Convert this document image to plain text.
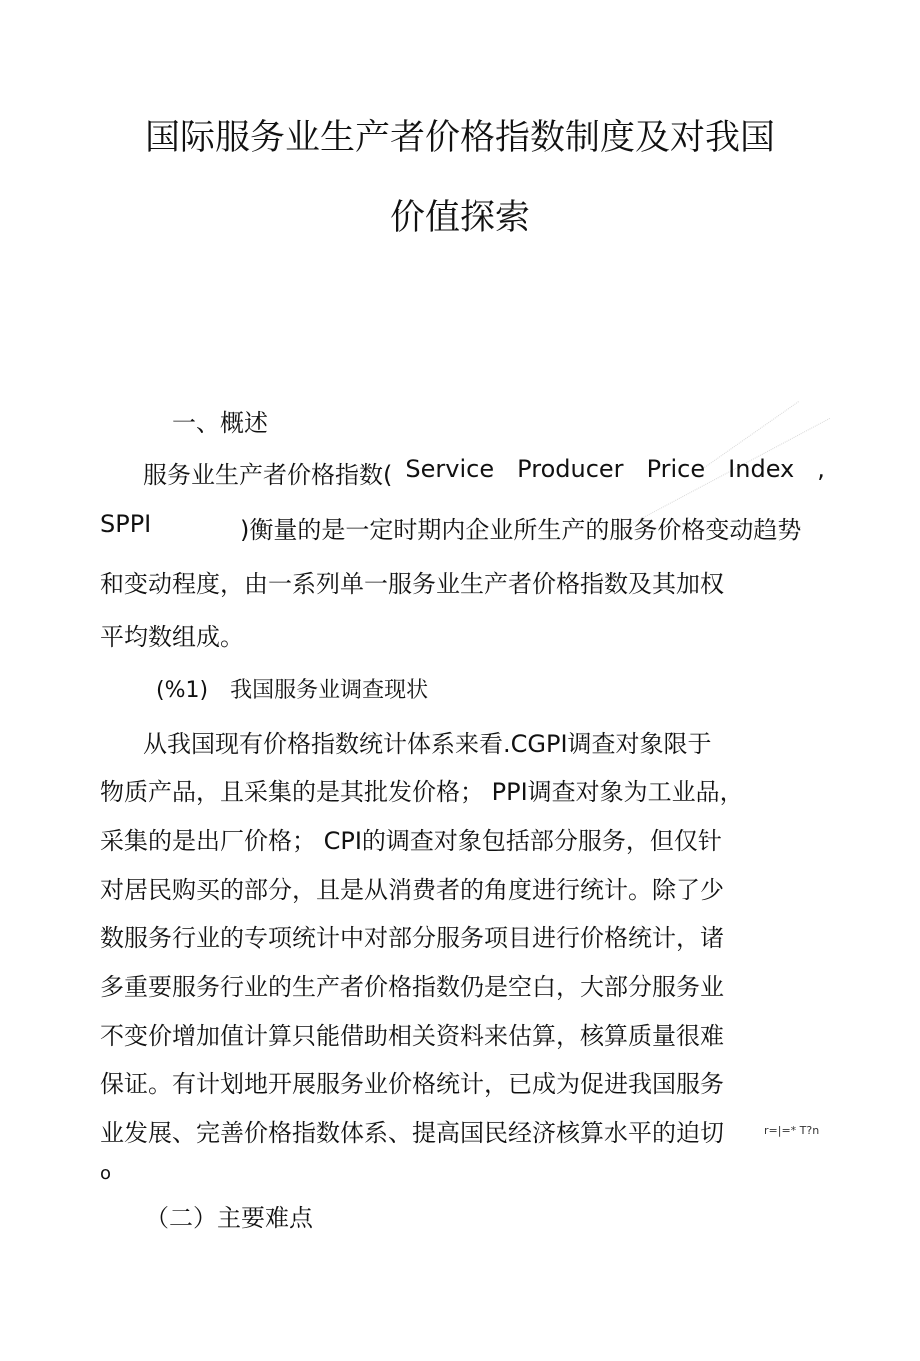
国际服务业生产者价格指数制度及对我国
价值探索
一、概述
服务业生产者价格指数( Service Producer Price Index ,
SPPI	)衡量的是一定时期内企业所生产的服务价格变动趋势
和变动程度，由一系列单一服务业生产者价格指数及其加权
平均数组成。
(%1)　我国服务业调查现状
从我国现有价格指数统计体系来看.CGPI调查对象限于
物质产品，且采集的是其批发价格； PPI调查对象为工业品，
采集的是出厂价格； CPI的调查对象包括部分服务，但仅针
对居民购买的部分，且是从消费者的角度进行统计。除了少
数服务行业的专项统计中对部分服务项目进行价格统计，诸
多重要服务行业的生产者价格指数仍是空白，大部分服务业
不变价增加值计算只能借助相关资料来估算，核算质量很难
保证。有计划地开展服务业价格统计，已成为促进我国服务
业发展、完善价格指数体系、提高国民经济核算水平的迫切	r=|=* T?n
o
（二）主要难点
